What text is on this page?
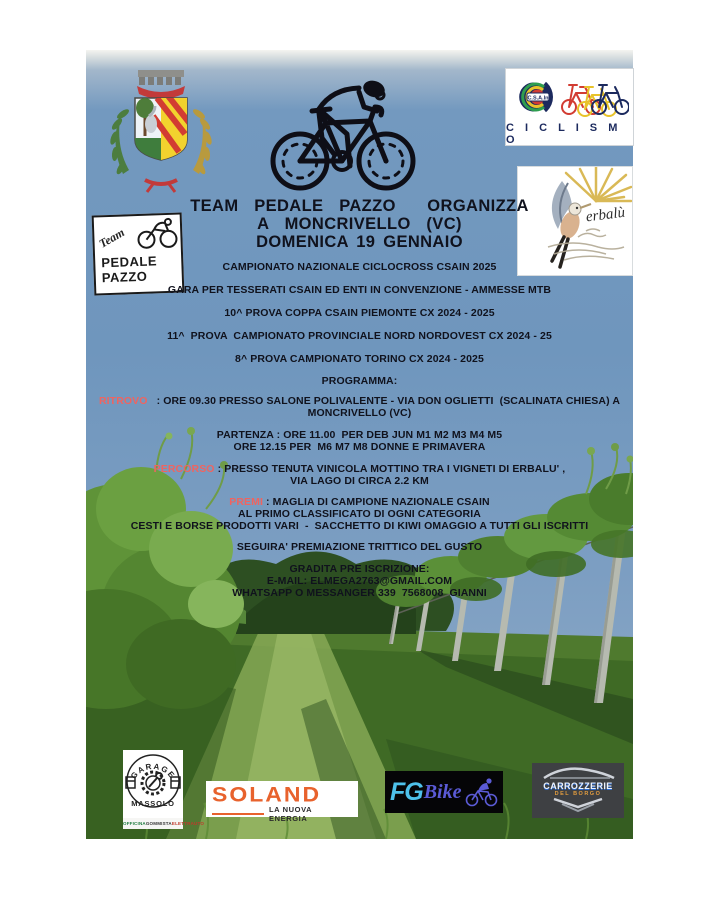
C.S.A.In
C I C L I S M O
Team
PEDALE
PAZZO
erbalù
TEAM  PEDALE  PAZZO    ORGANIZZA
A  MONCRIVELLO  (VC)
DOMENICA 19 GENNAIO
CAMPIONATO NAZIONALE CICLOCROSS CSAIN 2025
GARA PER TESSERATI CSAIN ED ENTI IN CONVENZIONE - AMMESSE MTB
10^ PROVA COPPA CSAIN PIEMONTE CX 2024 - 2025
11^  PROVA  CAMPIONATO PROVINCIALE NORD NORDOVEST CX 2024 - 25
8^ PROVA CAMPIONATO TORINO CX 2024 - 2025
PROGRAMMA:
RITROVO   : ORE 09.30 PRESSO SALONE POLIVALENTE - VIA DON OGLIETTI  (SCALINATA CHIESA) A
MONCRIVELLO (VC)
PARTENZA : ORE 11.00  PER DEB JUN M1 M2 M3 M4 M5
ORE 12.15 PER  M6 M7 M8 DONNE E PRIMAVERA
PERCORSO : PRESSO TENUTA VINICOLA MOTTINO TRA I VIGNETI DI ERBALU' ,
VIA LAGO DI CIRCA 2.2 KM
PREMI : MAGLIA DI CAMPIONE NAZIONALE CSAIN
AL PRIMO CLASSIFICATO DI OGNI CATEGORIA
CESTI E BORSE PRODOTTI VARI  -  SACCHETTO DI KIWI OMAGGIO A TUTTI GLI ISCRITTI
SEGUIRA' PREMIAZIONE TRITTICO DEL GUSTO
GRADITA PRE ISCRIZIONE:
E-MAIL: ELMEGA2763@GMAIL.COM
WHATSAPP O MESSANGER 339  7568008  GIANNI
GARAGE
MASSOLO
OFFICINA GOMMISTA ELETTRAUTO
SOLAND
LA NUOVA ENERGIA
FG Bike	CARROZZERIE
DEL BORGO
